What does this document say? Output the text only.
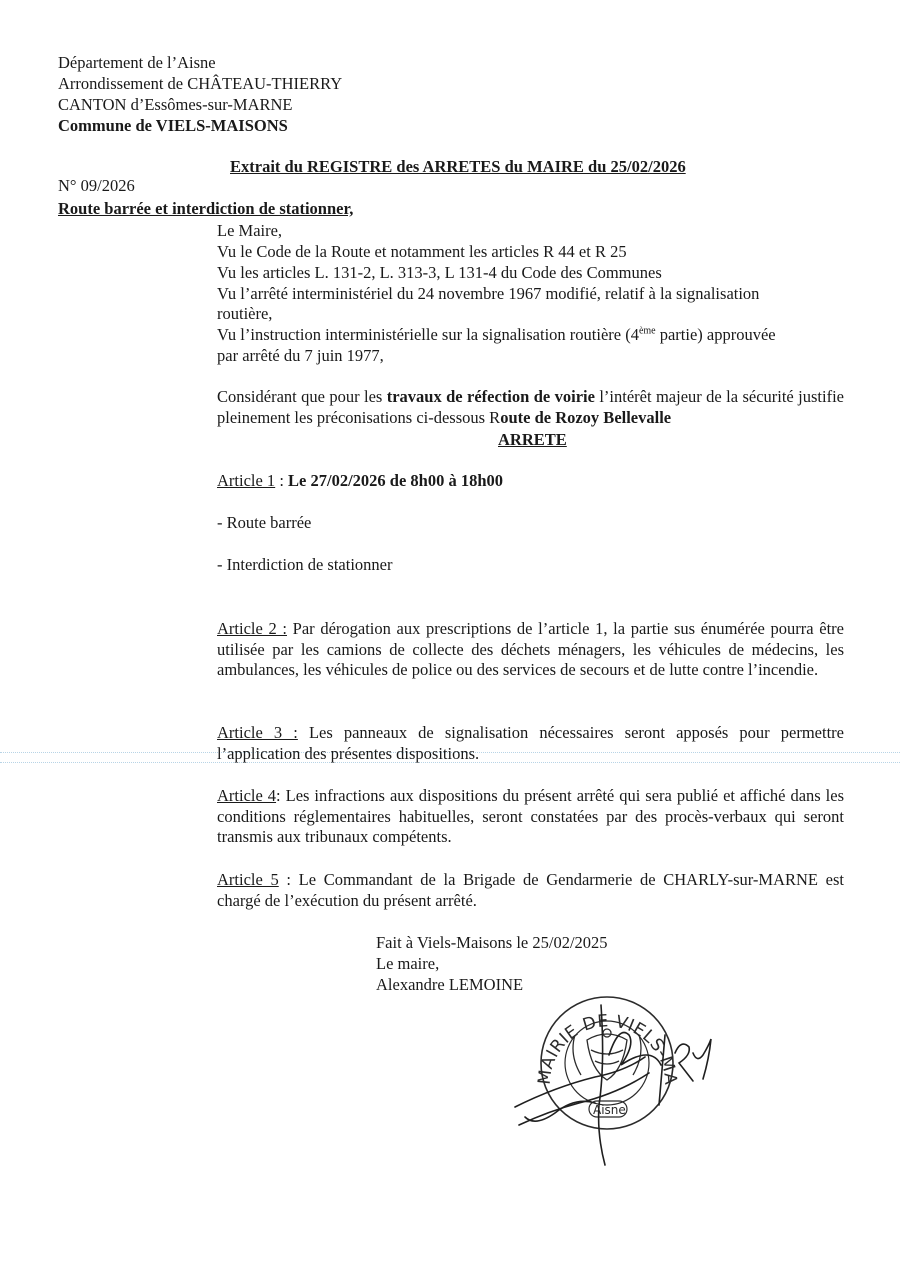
Département de l’Aisne
Arrondissement de CHÂTEAU-THIERRY
CANTON d’Essômes-sur-MARNE
Commune de VIELS-MAISONS
Extrait du REGISTRE des ARRETES du MAIRE du 25/02/2026
N° 09/2026
Route barrée et interdiction de stationner,
Le Maire,
Vu le Code de la Route et notamment les articles R 44 et R 25
Vu les articles L. 131-2, L. 313-3, L 131-4 du Code des Communes
Vu l’arrêté interministériel du 24 novembre 1967 modifié, relatif à la signalisation
routière,
Vu l’instruction interministérielle sur la signalisation routière (4ème partie) approuvée
par arrêté du 7 juin 1977,
Considérant que pour les travaux de réfection de voirie l’intérêt majeur de la sécurité justifie pleinement les préconisations ci-dessous Route de Rozoy Bellevalle
ARRETE
Article 1 : Le 27/02/2026 de 8h00 à 18h00
- Route barrée
- Interdiction de stationner
Article 2 : Par dérogation aux prescriptions de l’article 1, la partie sus énumérée pourra être utilisée par les camions de collecte des déchets ménagers, les véhicules de médecins, les ambulances, les véhicules de police ou des services de secours et de lutte contre l’incendie.
Article 3 : Les panneaux de signalisation nécessaires seront apposés pour permettre l’application des présentes dispositions.
Article 4: Les infractions aux dispositions du présent arrêté qui sera publié et affiché dans les conditions réglementaires habituelles, seront constatées par des procès-verbaux qui seront transmis aux tribunaux compétents.
Article 5 : Le Commandant de la Brigade de Gendarmerie de CHARLY-sur-MARNE est chargé de l’exécution du présent arrêté.
Fait à Viels-Maisons le 25/02/2025
Le maire,
Alexandre LEMOINE
MAIRIE DE VIELS-MA
Aisne
